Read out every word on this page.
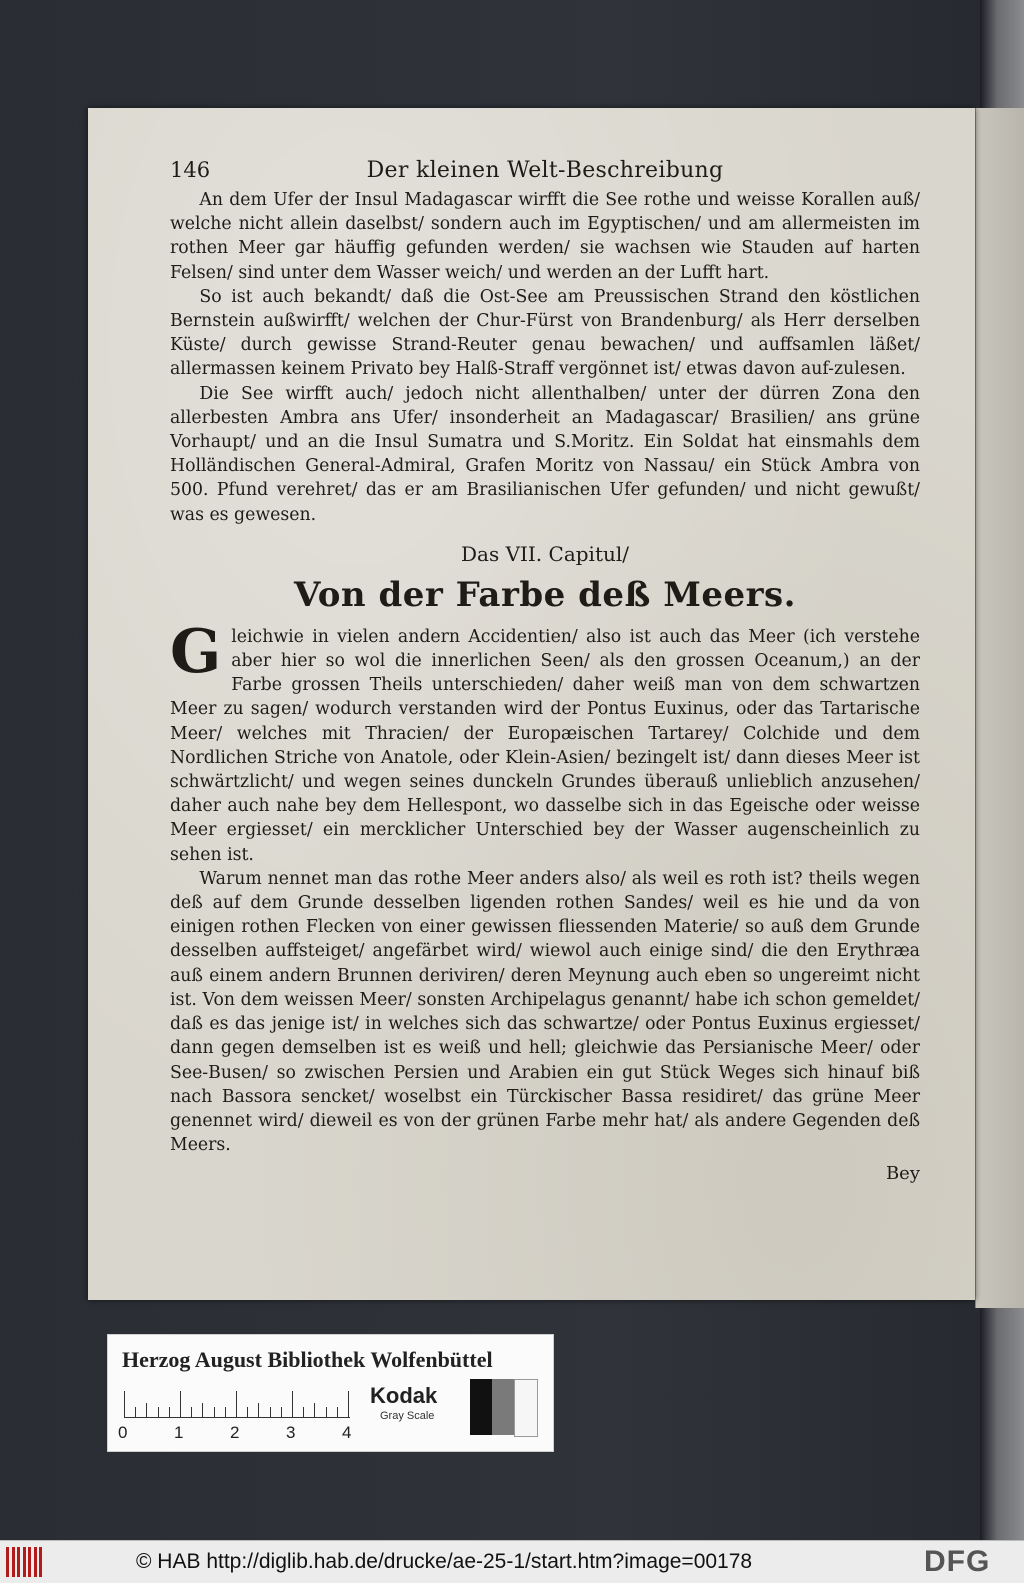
146	Der kleinen Welt-Beschreibung

An dem Ufer der Insul Madagascar wirfft die See rothe und weisse Korallen auß/ welche nicht allein daselbst/ sondern auch im Egyptischen/ und am allermeisten im rothen Meer gar häuffig gefunden werden/ sie wachsen wie Stauden auf harten Felsen/ sind unter dem Wasser weich/ und werden an der Lufft hart.

So ist auch bekandt/ daß die Ost-See am Preussischen Strand den köstlichen Bernstein außwirfft/ welchen der Chur-Fürst von Brandenburg/ als Herr derselben Küste/ durch gewisse Strand-Reuter genau bewachen/ und auffsamlen läßet/ allermassen keinem Privato bey Halß-Straff vergönnet ist/ etwas davon auf-zulesen.

Die See wirfft auch/ jedoch nicht allenthalben/ unter der dürren Zona den allerbesten Ambra ans Ufer/ insonderheit an Madagascar/ Brasilien/ ans grüne Vorhaupt/ und an die Insul Sumatra und S.Moritz. Ein Soldat hat einsmahls dem Holländischen General-Admiral, Grafen Moritz von Nassau/ ein Stück Ambra von 500. Pfund verehret/ das er am Brasilianischen Ufer gefunden/ und nicht gewußt/ was es gewesen.

Das VII. Capitul/
Von der Farbe deß Meers.

Gleichwie in vielen andern Accidentien/ also ist auch das Meer (ich verstehe aber hier so wol die innerlichen Seen/ als den grossen Oceanum,) an der Farbe grossen Theils unterschieden/ daher weiß man von dem schwartzen Meer zu sagen/ wodurch verstanden wird der Pontus Euxinus, oder das Tartarische Meer/ welches mit Thracien/ der Europæischen Tartarey/ Colchide und dem Nordlichen Striche von Anatole, oder Klein-Asien/ bezingelt ist/ dann dieses Meer ist schwärtzlicht/ und wegen seines dunckeln Grundes überauß unlieblich anzusehen/ daher auch nahe bey dem Hellespont, wo dasselbe sich in das Egeische oder weisse Meer ergiesset/ ein mercklicher Unterschied bey der Wasser augenscheinlich zu sehen ist.

Warum nennet man das rothe Meer anders also/ als weil es roth ist? theils wegen deß auf dem Grunde desselben ligenden rothen Sandes/ weil es hie und da von einigen rothen Flecken von einer gewissen fliessenden Materie/ so auß dem Grunde desselben auffsteiget/ angefärbet wird/ wiewol auch einige sind/ die den Erythræa auß einem andern Brunnen deriviren/ deren Meynung auch eben so ungereimt nicht ist. Von dem weissen Meer/ sonsten Archipelagus genannt/ habe ich schon gemeldet/ daß es das jenige ist/ in welches sich das schwartze/ oder Pontus Euxinus ergiesset/ dann gegen demselben ist es weiß und hell; gleichwie das Persianische Meer/ oder See-Busen/ so zwischen Persien und Arabien ein gut Stück Weges sich hinauf biß nach Bassora sencket/ woselbst ein Türckischer Bassa residiret/ das grüne Meer genennet wird/ dieweil es von der grünen Farbe mehr hat/ als andere Gegenden deß Meers.

Bey
Herzog August Bibliothek Wolfenbüttel
0	1	2	3	4
Kodak
Gray Scale
© HAB http://diglib.hab.de/drucke/ae-25-1/start.htm?image=00178	DFG
